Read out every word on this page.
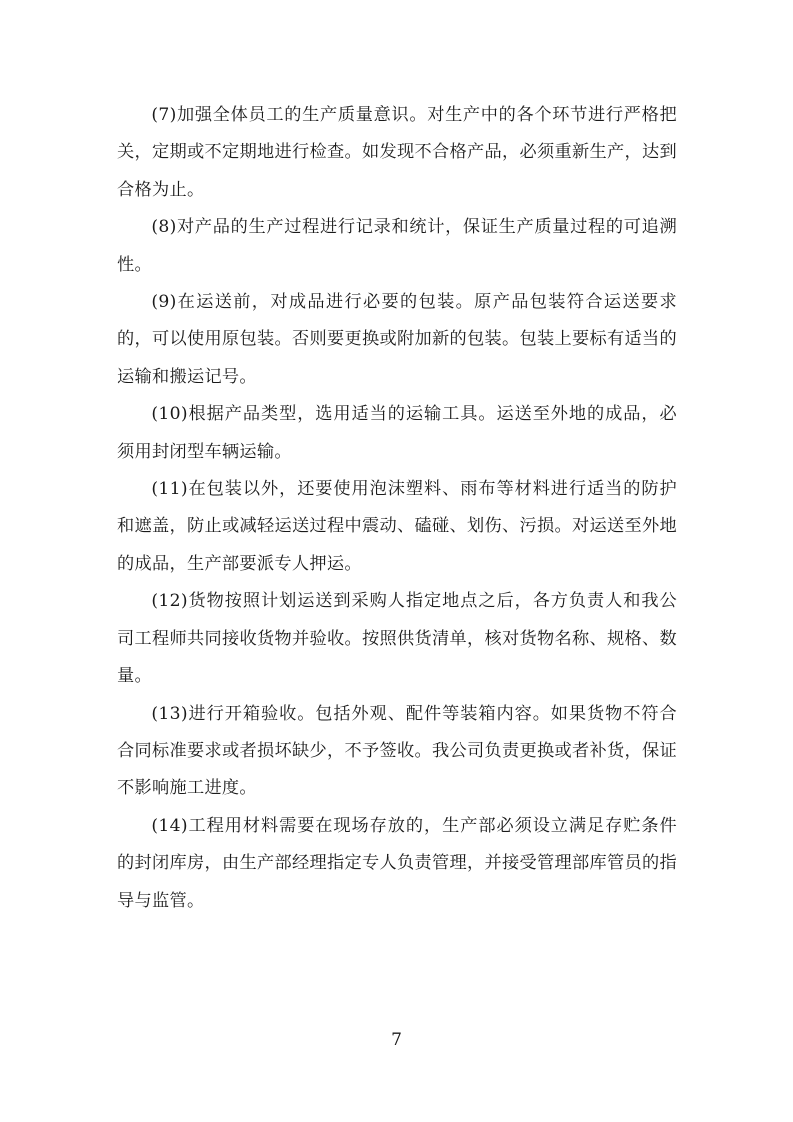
(7)加强全体员工的生产质量意识。对生产中的各个环节进行严格把关，定期或不定期地进行检查。如发现不合格产品，必须重新生产，达到合格为止。

(8)对产品的生产过程进行记录和统计，保证生产质量过程的可追溯性。

(9)在运送前，对成品进行必要的包装。原产品包装符合运送要求的，可以使用原包装。否则要更换或附加新的包装。包装上要标有适当的运输和搬运记号。

(10)根据产品类型，选用适当的运输工具。运送至外地的成品，必须用封闭型车辆运输。

(11)在包装以外，还要使用泡沫塑料、雨布等材料进行适当的防护和遮盖，防止或减轻运送过程中震动、磕碰、划伤、污损。对运送至外地的成品，生产部要派专人押运。

(12)货物按照计划运送到采购人指定地点之后，各方负责人和我公司工程师共同接收货物并验收。按照供货清单，核对货物名称、规格、数量。

(13)进行开箱验收。包括外观、配件等装箱内容。如果货物不符合合同标准要求或者损坏缺少，不予签收。我公司负责更换或者补货，保证不影响施工进度。

(14)工程用材料需要在现场存放的，生产部必须设立满足存贮条件的封闭库房，由生产部经理指定专人负责管理，并接受管理部库管员的指导与监管。

7
